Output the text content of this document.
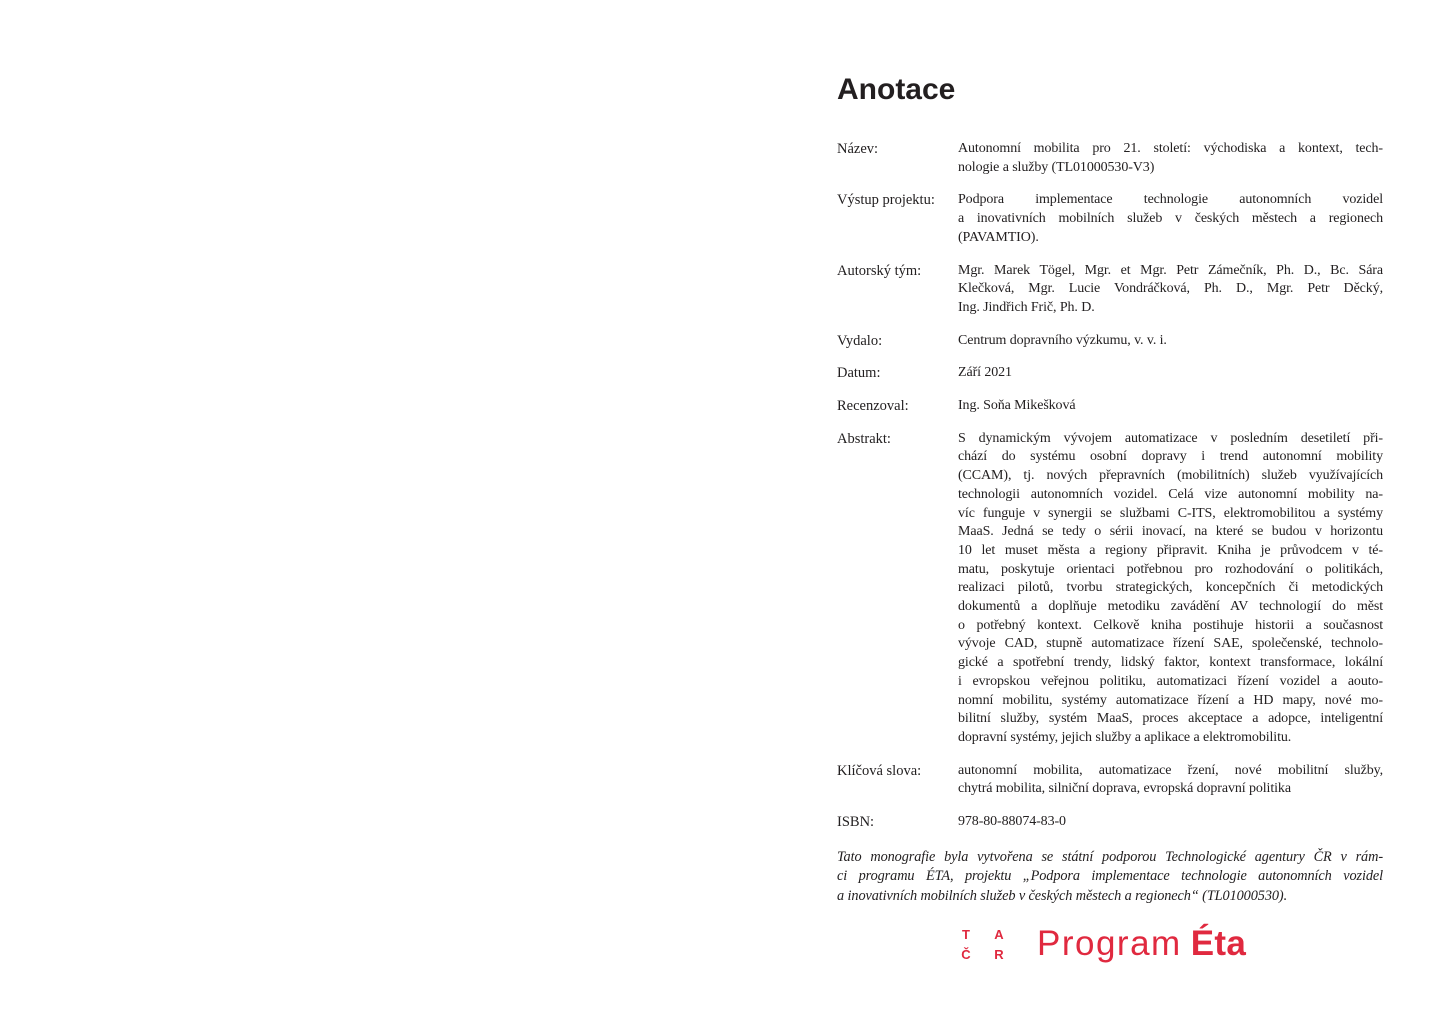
Anotace
Název:	Autonomní mobilita pro 21. století: východiska a kontext, tech-
nologie a služby (TL01000530-V3)
Výstup projektu:	Podpora implementace technologie autonomních vozidel
a inovativních mobilních služeb v českých městech a regionech
(PAVAMTIO).
Autorský tým:	Mgr. Marek Tögel, Mgr. et Mgr. Petr Zámečník, Ph. D., Bc. Sára
Klečková, Mgr. Lucie Vondráčková, Ph. D., Mgr. Petr Děcký,
Ing. Jindřich Frič, Ph. D.
Vydalo:	Centrum dopravního výzkumu, v. v. i.
Datum:	Září 2021
Recenzoval:	Ing. Soňa Mikešková
Abstrakt:	S dynamickým vývojem automatizace v posledním desetiletí při-
chází do systému osobní dopravy i trend autonomní mobility
(CCAM), tj. nových přepravních (mobilitních) služeb využívajících
technologii autonomních vozidel. Celá vize autonomní mobility na-
víc funguje v synergii se službami C-ITS, elektromobilitou a systémy
MaaS. Jedná se tedy o sérii inovací, na které se budou v horizontu
10 let muset města a regiony připravit. Kniha je průvodcem v té-
matu, poskytuje orientaci potřebnou pro rozhodování o politikách,
realizaci pilotů, tvorbu strategických, koncepčních či metodických
dokumentů a doplňuje metodiku zavádění AV technologií do měst
o potřebný kontext. Celkově kniha postihuje historii a současnost
vývoje CAD, stupně automatizace řízení SAE, společenské, technolo-
gické a spotřební trendy, lidský faktor, kontext transformace, lokální
i evropskou veřejnou politiku, automatizaci řízení vozidel a aouto-
nomní mobilitu, systémy automatizace řízení a HD mapy, nové mo-
bilitní služby, systém MaaS, proces akceptace a adopce, inteligentní
dopravní systémy, jejich služby a aplikace a elektromobilitu.
Klíčová slova:	autonomní mobilita, automatizace řzení, nové mobilitní služby,
chytrá mobilita, silniční doprava, evropská dopravní politika
ISBN:	978-80-88074-83-0
Tato monografie byla vytvořena se státní podporou Technologické agentury ČR v rám-
ci programu ÉTA, projektu „Podpora implementace technologie autonomních vozidel
a inovativních mobilních služeb v českých městech a regionech“ (TL01000530).
T	A
Č R Program Éta
